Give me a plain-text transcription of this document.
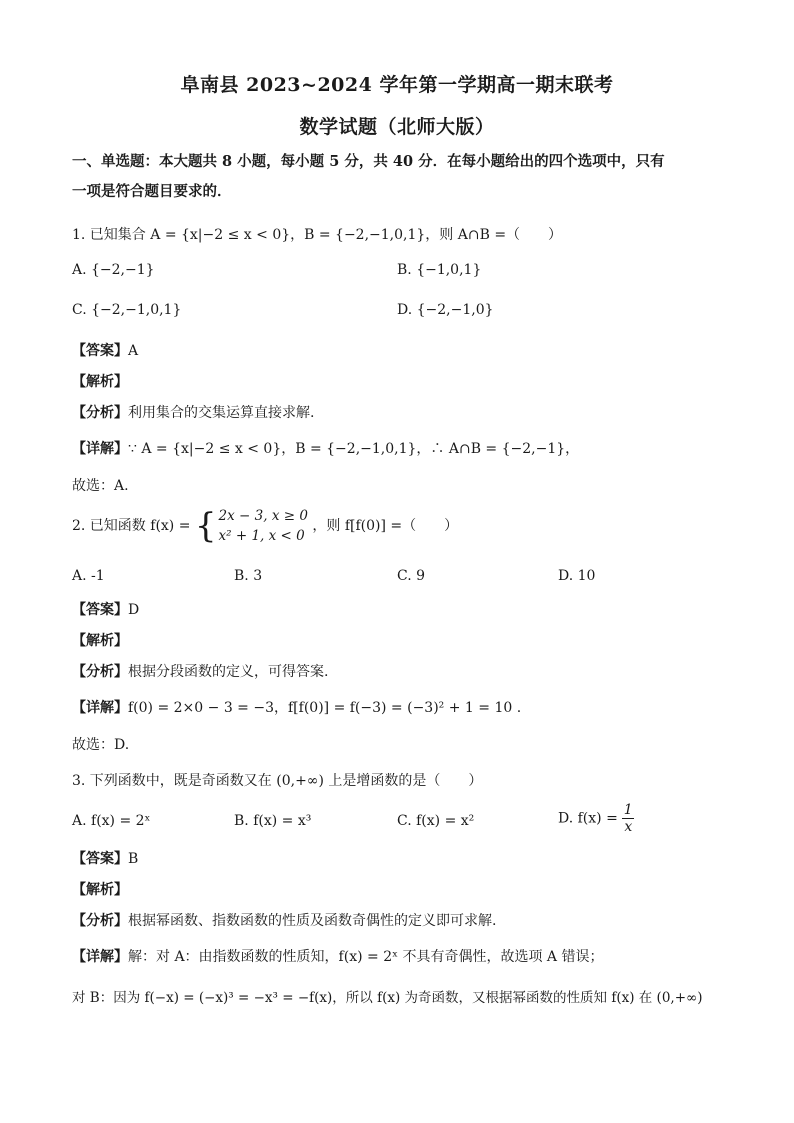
阜南县 2023~2024 学年第一学期高一期末联考
数学试题（北师大版）
一、单选题：本大题共 8 小题，每小题 5 分，共 40 分．在每小题给出的四个选项中，只有
一项是符合题目要求的．
1. 已知集合 A = {x|−2 ≤ x < 0}，B = {−2,−1,0,1}，则 A∩B =（　　）
A. {−2,−1}	B. {−1,0,1}
C. {−2,−1,0,1}	D. {−2,−1,0}
【答案】A
【解析】
【分析】利用集合的交集运算直接求解.
【详解】∵ A = {x|−2 ≤ x < 0}，B = {−2,−1,0,1}，∴ A∩B = {−2,−1}，
故选：A.
2. 已知函数 f(x) = { 2x − 3, x ≥ 0
x² + 1, x < 0
，则 f[f(0)] =（　　）
A. -1	B. 3	C. 9	D. 10
【答案】D
【解析】
【分析】根据分段函数的定义，可得答案.
【详解】f(0) = 2×0 − 3 = −3，f[f(0)] = f(−3) = (−3)² + 1 = 10 .
故选：D.
3. 下列函数中，既是奇函数又在 (0,+∞) 上是增函数的是（　　）
A. f(x) = 2ˣ	B. f(x) = x³	C. f(x) = x²	D. $f(x) = \frac{1}{x}$
【答案】B
【解析】
【分析】根据幂函数、指数函数的性质及函数奇偶性的定义即可求解.
【详解】解：对 A：由指数函数的性质知，f(x) = 2ˣ 不具有奇偶性，故选项 A 错误；
对 B：因为 f(−x) = (−x)³ = −x³ = −f(x)，所以 f(x) 为奇函数，又根据幂函数的性质知 f(x) 在 (0,+∞)
